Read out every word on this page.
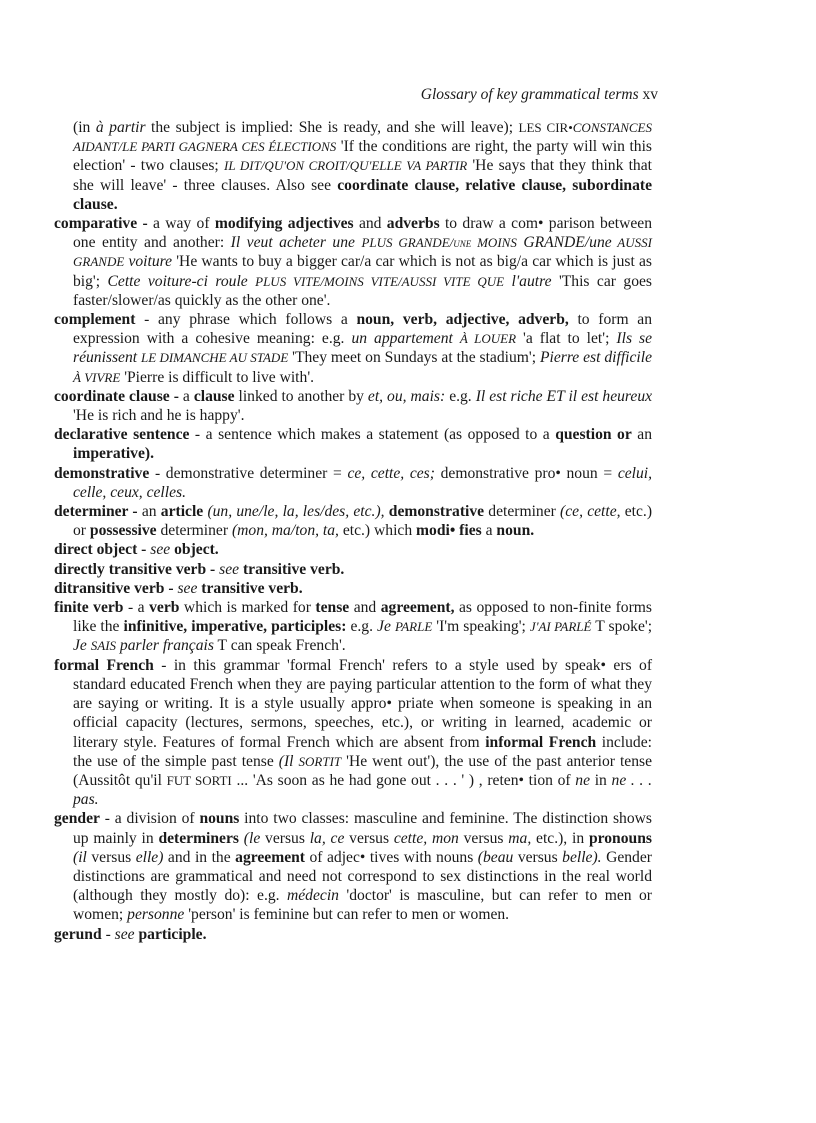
Glossary of key grammatical terms xv

(in à partir the subject is implied: She is ready, and she will leave); LES CIR•CONSTANCES AIDANT/LE PARTI GAGNERA CES ÉLECTIONS 'If the conditions are right, the party will win this election' - two clauses; IL DIT/QU'ON CROIT/QU'ELLE VA PARTIR 'He says that they think that she will leave' - three clauses. Also see coordinate clause, relative clause, subordinate clause.

comparative - a way of modifying adjectives and adverbs to draw a com• parison between one entity and another: Il veut acheter une PLUS GRANDE/une MOINS GRANDE/une AUSSI GRANDE voiture 'He wants to buy a bigger car/a car which is not as big/a car which is just as big'; Cette voiture-ci roule PLUS VITE/MOINS VITE/AUSSI VITE QUE l'autre 'This car goes faster/slower/as quickly as the other one'.

complement - any phrase which follows a noun, verb, adjective, adverb, to form an expression with a cohesive meaning: e.g. un appartement À LOUER 'a flat to let'; Ils se réunissent LE DIMANCHE AU STADE 'They meet on Sundays at the stadium'; Pierre est difficile À VIVRE 'Pierre is difficult to live with'.

coordinate clause - a clause linked to another by et, ou, mais: e.g. Il est riche ET il est heureux 'He is rich and he is happy'.

declarative sentence - a sentence which makes a statement (as opposed to a question or an imperative).

demonstrative - demonstrative determiner = ce, cette, ces; demonstrative pro• noun = celui, celle, ceux, celles.

determiner - an article (un, une/le, la, les/des, etc.), demonstrative determiner (ce, cette, etc.) or possessive determiner (mon, ma/ton, ta, etc.) which modi• fies a noun.

direct object - see object.

directly transitive verb - see transitive verb.

ditransitive verb - see transitive verb.

finite verb - a verb which is marked for tense and agreement, as opposed to non-finite forms like the infinitive, imperative, participles: e.g. Je PARLE 'I'm speaking'; J'AI PARLÉ T spoke'; Je SAIS parler français T can speak French'.

formal French - in this grammar 'formal French' refers to a style used by speak• ers of standard educated French when they are paying particular attention to the form of what they are saying or writing. It is a style usually appro• priate when someone is speaking in an official capacity (lectures, sermons, speeches, etc.), or writing in learned, academic or literary style. Features of formal French which are absent from informal French include: the use of the simple past tense (Il SORTIT 'He went out'), the use of the past anterior tense (Aussitôt qu'il FUT SORTI ... 'As soon as he had gone out . . . ' ) , reten• tion of ne in ne . . . pas.

gender - a division of nouns into two classes: masculine and feminine. The distinction shows up mainly in determiners (le versus la, ce versus cette, mon versus ma, etc.), in pronouns (il versus elle) and in the agreement of adjec• tives with nouns (beau versus belle). Gender distinctions are grammatical and need not correspond to sex distinctions in the real world (although they mostly do): e.g. médecin 'doctor' is masculine, but can refer to men or women; personne 'person' is feminine but can refer to men or women.

gerund - see participle.
